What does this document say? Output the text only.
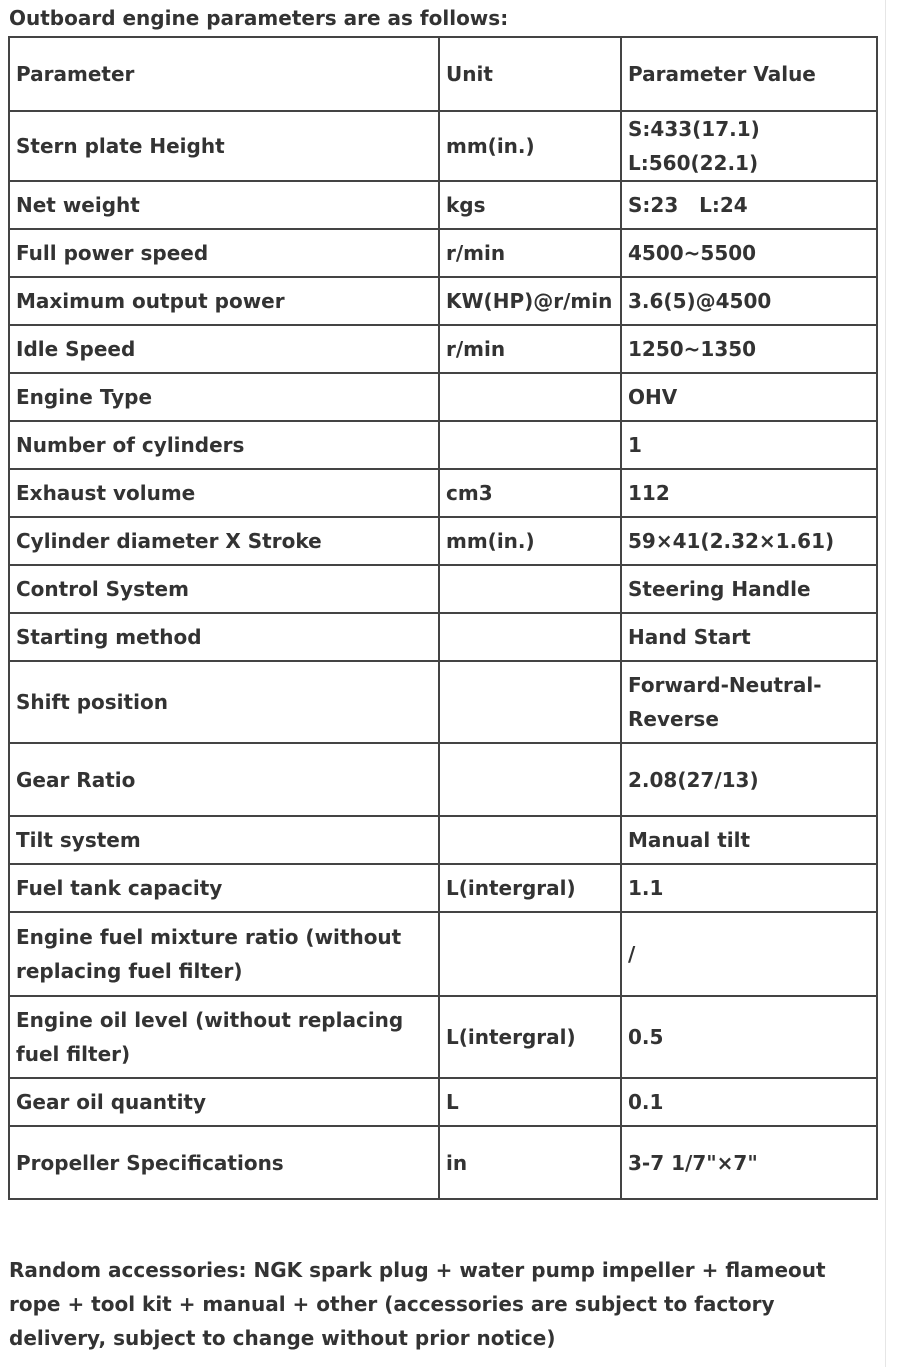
Outboard engine parameters are as follows:
Parameter	Unit	Parameter Value
Stern plate Height	mm(in.)	S:433(17.1)
L:560(22.1)

Net weight	kgs	S:23   L:24

Full power speed	r/min	4500~5500

Maximum output power	KW(HP)@r/min	3.6(5)@4500

Idle Speed	r/min	1250~1350

Engine Type		OHV

Number of cylinders		1

Exhaust volume	cm3	112

Cylinder diameter X Stroke	mm(in.)	59×41(2.32×1.61)

Control System		Steering Handle

Starting method		Hand Start

Shift position		Forward-Neutral-
Reverse

Gear Ratio		2.08(27/13)

Tilt system		Manual tilt

Fuel tank capacity	L(intergral)	1.1

Engine fuel mixture ratio (without replacing fuel filter)		/

Engine oil level (without replacing fuel filter)	L(intergral)	0.5

Gear oil quantity	L	0.1

Propeller Specifications	in	3-7 1/7"×7"
Random accessories: NGK spark plug + water pump impeller + flameout rope + tool kit + manual + other (accessories are subject to factory delivery, subject to change without prior notice)
